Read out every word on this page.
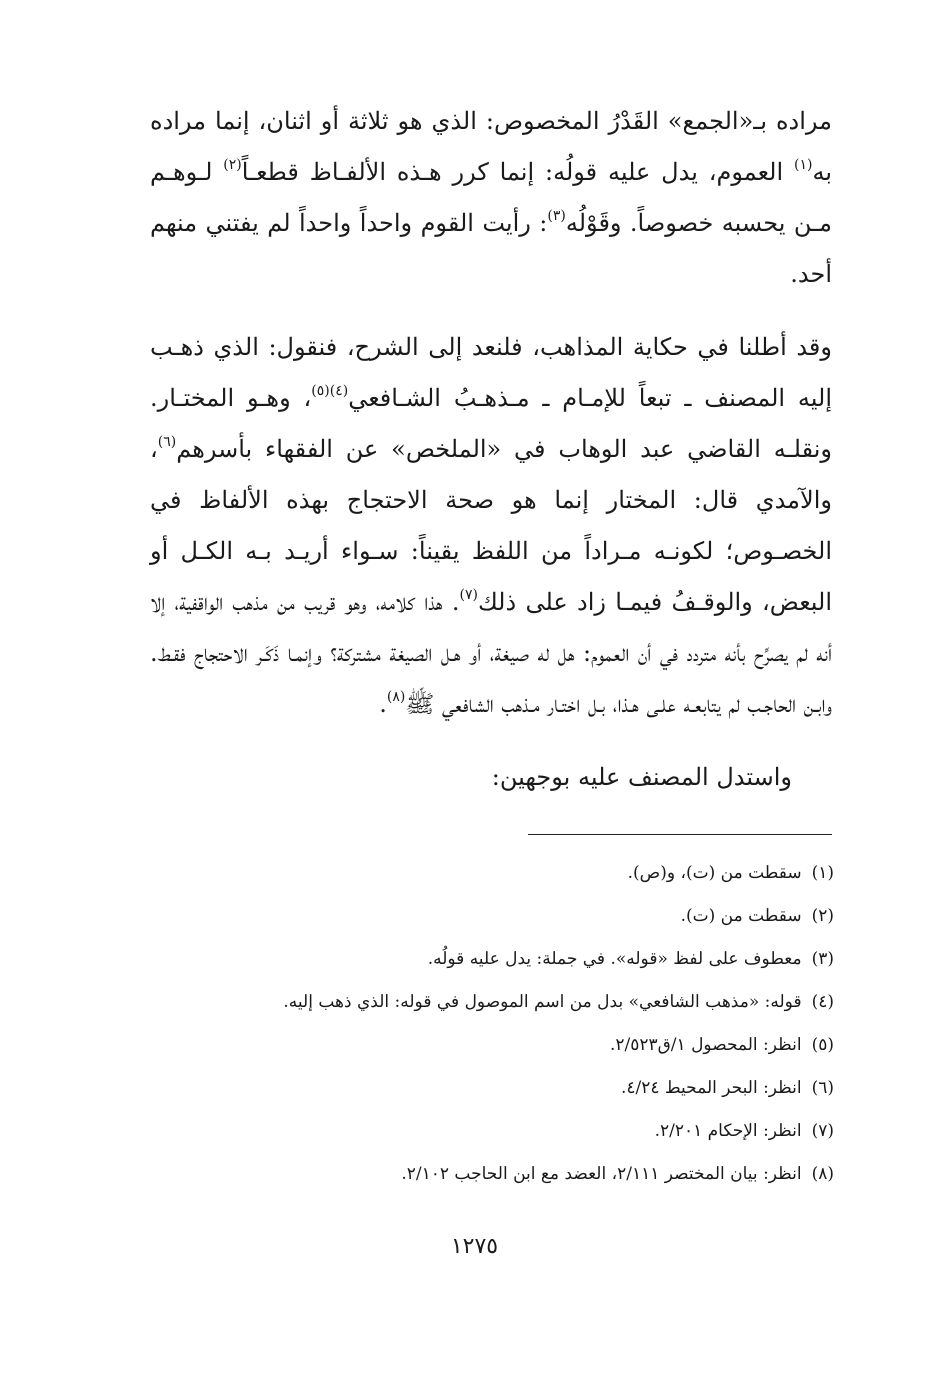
مراده بـ«الجمع» القَدْرُ المخصوص: الذي هو ثلاثة أو اثنان، إنما مراده به$^{(١)}$ العموم، يدل عليه قولُه: إنما كرر هـذه الألفـاظ قطعـاً$^{(٢)}$ لـوهـم مـن يحسبه خصوصاً. وقَوْلُه$^{(٣)}$: رأيت القوم واحداً واحداً لم يفتني منهم أحد.

وقد أطلنا في حكاية المذاهب، فلنعد إلى الشرح، فنقول: الذي ذهـب إليه المصنف ـ تبعاً للإمـام ـ مـذهـبُ الشـافعي$^{(٤)(٥)}$، وهـو المختـار. ونقلـه القاضي عبد الوهاب في «الملخص» عن الفقهاء بأسرهم$^{(٦)}$، والآمدي قال: المختار إنما هو صحة الاحتجاج بهذه الألفاظ في الخصـوص؛ لكونـه مـراداً من اللفظ يقيناً: سـواء أريـد بـه الكـل أو البعض، والوقـفُ فيمـا زاد على ذلك$^{(٧)}$. هذا كلامه، وهو قريب من مذهب الواقفية، إلا أنه لم يصرِّح بأنه متردد في أن العموم: هل له صيغة، أو هـل الصيغة مشتركة؟ وإنمـا ذَكَـر الاحتجاج فقـط. وابـن الحاجـب لم يتابعـه علـى هـذا، بـل اختـار مـذهب الشافعي ﷺ$^{(٨)}$.

واستدل المصنف عليه بوجهين:

(١)سقطت من (ت)، و(ص).
(٢)سقطت من (ت).
(٣)معطوف على لفظ «قوله». في جملة: يدل عليه قولُه.
(٤)قوله: «مذهب الشافعي» بدل من اسم الموصول في قوله: الذي ذهب إليه.
(٥)انظر: المحصول ١/ق٢/٥٢٣.
(٦)انظر: البحر المحيط ٤/٢٤.
(٧)انظر: الإحكام ٢/٢٠١.
(٨)انظر: بيان المختصر ٢/١١١، العضد مع ابن الحاجب ٢/١٠٢.
١٢٧٥
